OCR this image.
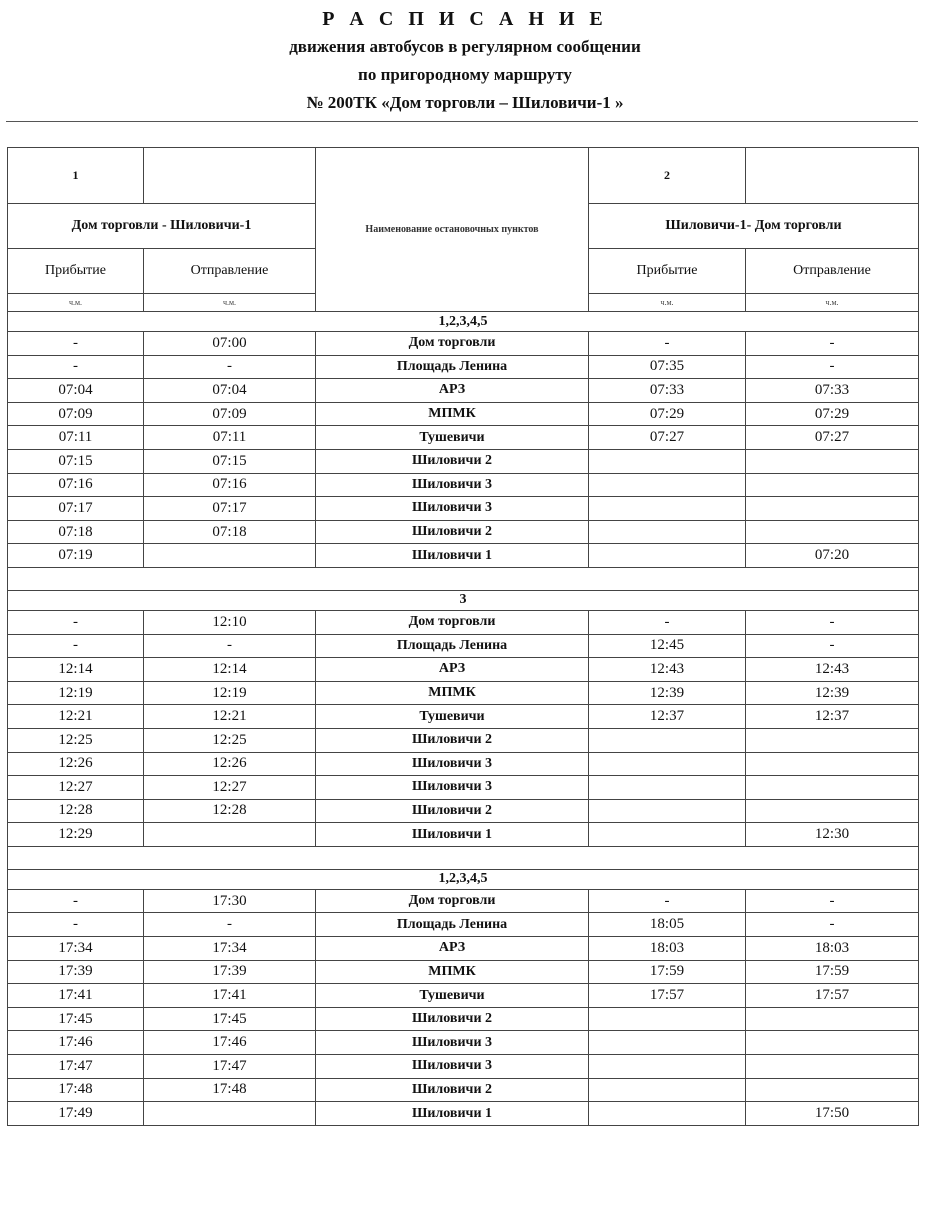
Р А С П И С А Н И Е
движения автобусов в регулярном сообщении
по пригородному маршруту
№ 200ТК «Дом торговли – Шиловичи-1 »
1		Наименование остановочных пунктов	2	
Дом торговли - Шиловичи-1			Шиловичи-1- Дом торговли	
Прибытие	Отправление		Прибытие	Отправление
ч.м.	ч.м.		ч.м.	ч.м.
1,2,3,4,5				
-	07:00	Дом торговли	-	-
-	-	Площадь Ленина	07:35	-
07:04	07:04	АРЗ	07:33	07:33
07:09	07:09	МПМК	07:29	07:29
07:11	07:11	Тушевичи	07:27	07:27
07:15	07:15	Шиловичи 2		
07:16	07:16	Шиловичи 3		
07:17	07:17	Шиловичи 3		
07:18	07:18	Шиловичи 2		
07:19		Шиловичи 1		07:20

3				
-	12:10	Дом торговли	-	-
-	-	Площадь Ленина	12:45	-
12:14	12:14	АРЗ	12:43	12:43
12:19	12:19	МПМК	12:39	12:39
12:21	12:21	Тушевичи	12:37	12:37
12:25	12:25	Шиловичи 2		
12:26	12:26	Шиловичи 3		
12:27	12:27	Шиловичи 3		
12:28	12:28	Шиловичи 2		
12:29		Шиловичи 1		12:30

1,2,3,4,5				
-	17:30	Дом торговли	-	-
-	-	Площадь Ленина	18:05	-
17:34	17:34	АРЗ	18:03	18:03
17:39	17:39	МПМК	17:59	17:59
17:41	17:41	Тушевичи	17:57	17:57
17:45	17:45	Шиловичи 2		
17:46	17:46	Шиловичи 3		
17:47	17:47	Шиловичи 3		
17:48	17:48	Шиловичи 2		
17:49		Шиловичи 1		17:50
